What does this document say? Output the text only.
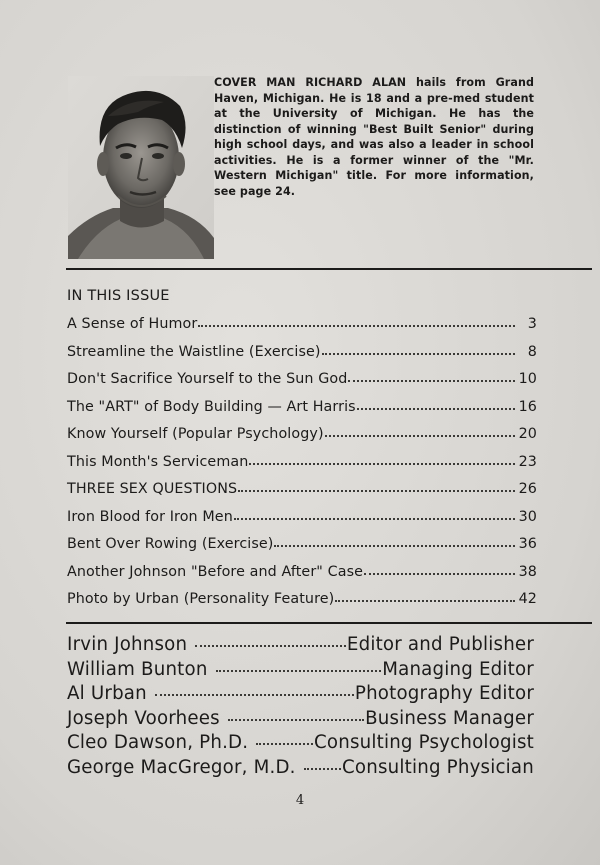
COVER MAN RICHARD ALAN hails from Grand Haven, Michigan. He is 18 and a pre-med student at the University of Michigan. He has the distinction of winning "Best Built Senior" during high school days, and was also a leader in school activities. He is a former winner of the "Mr. Western Michigan" title. For more information, see page 24.
IN THIS ISSUE
A Sense of Humor	3
Streamline the Waistline (Exercise)	8
Don't Sacrifice Yourself to the Sun God	10
The "ART" of Body Building — Art Harris	16
Know Yourself (Popular Psychology)	20
This Month's Serviceman	23
THREE SEX QUESTIONS	26
Iron Blood for Iron Men	30
Bent Over Rowing (Exercise)	36
Another Johnson "Before and After" Case	38
Photo by Urban (Personality Feature)	42
Irvin Johnson	Editor and Publisher
William Bunton	Managing Editor
Al Urban	Photography Editor
Joseph Voorhees	Business Manager
Cleo Dawson, Ph.D.	Consulting Psychologist
George MacGregor, M.D.	Consulting Physician
4
